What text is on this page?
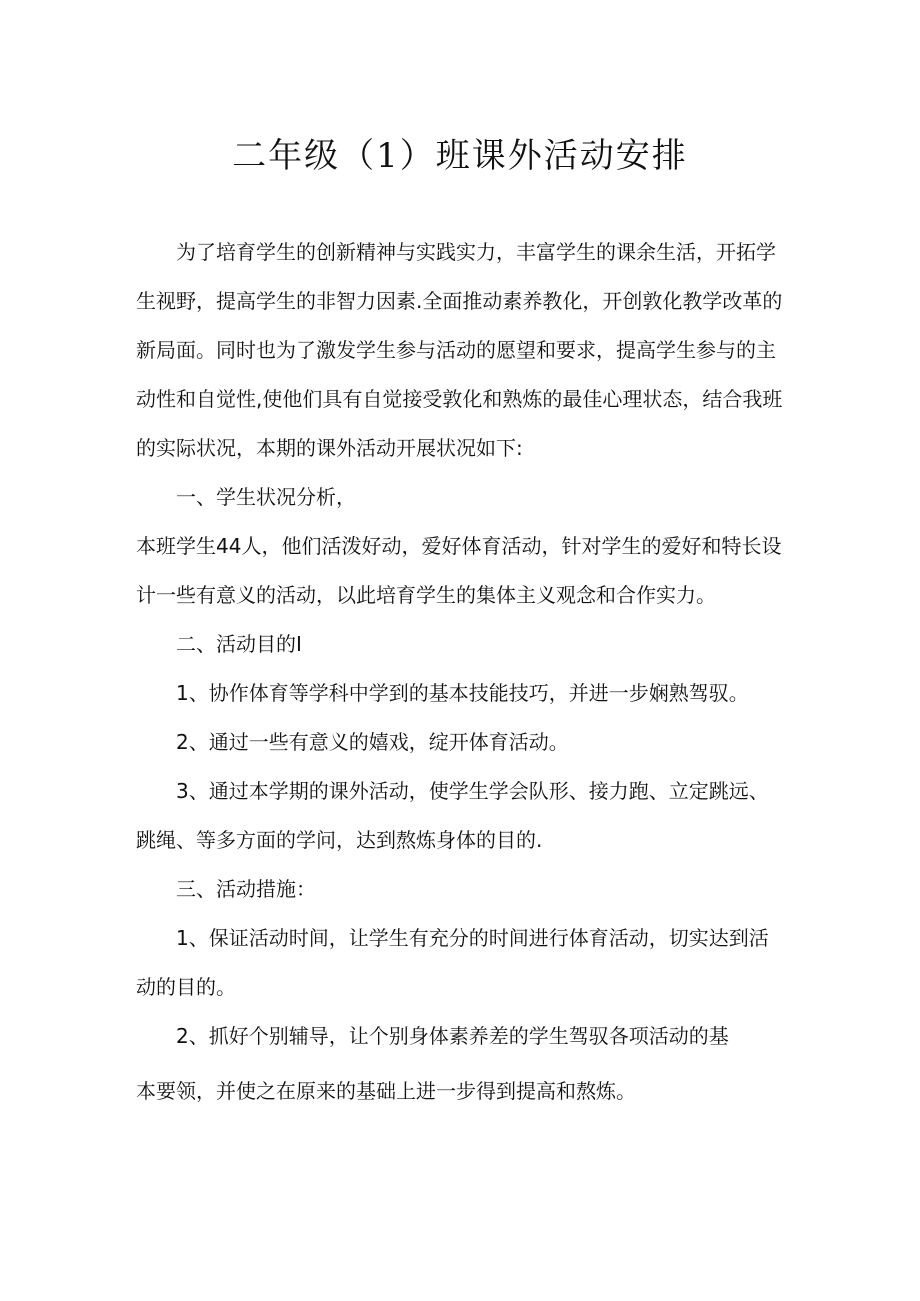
二年级（1）班课外活动安排
为了培育学生的创新精神与实践实力，丰富学生的课余生活，开拓学
生视野，提高学生的非智力因素.全面推动素养教化，开创敦化教学改革的
新局面。同时也为了激发学生参与活动的愿望和要求，提高学生参与的主
动性和自觉性,使他们具有自觉接受敦化和熟炼的最佳心理状态，结合我班
的实际状况，本期的课外活动开展状况如下:
一、学生状况分析，
本班学生44人，他们活泼好动，爱好体育活动，针对学生的爱好和特长设
计一些有意义的活动，以此培育学生的集体主义观念和合作实力。
二、活动目的I
1、协作体育等学科中学到的基本技能技巧，并进一步娴熟驾驭。
2、通过一些有意义的嬉戏，绽开体育活动。
3、通过本学期的课外活动，使学生学会队形、接力跑、立定跳远、
跳绳、等多方面的学问，达到熬炼身体的目的.
三、活动措施：
1、保证活动时间，让学生有充分的时间进行体育活动，切实达到活
动的目的。
2、抓好个别辅导，让个别身体素养差的学生驾驭各项活动的基
本要领，并使之在原来的基础上进一步得到提高和熬炼。
